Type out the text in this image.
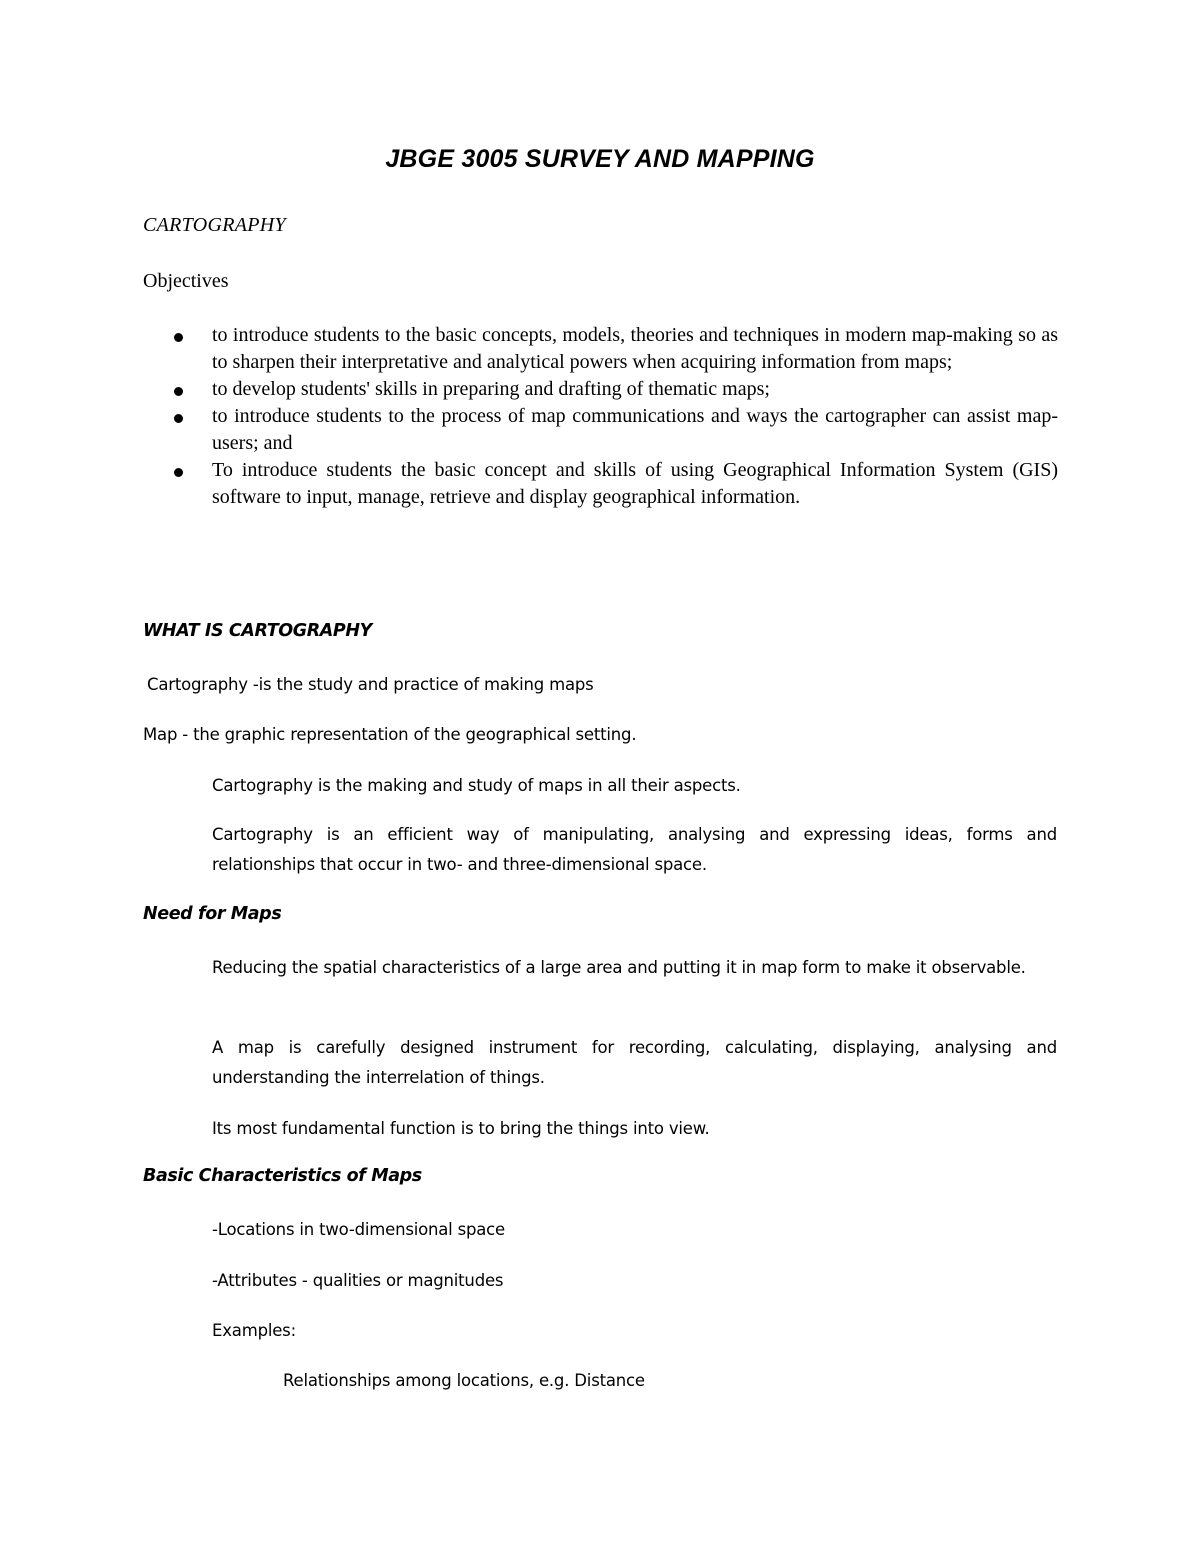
JBGE 3005 SURVEY AND MAPPING
CARTOGRAPHY
Objectives
to introduce students to the basic concepts, models, theories and techniques in modern map-making so as to sharpen their interpretative and analytical powers when acquiring information from maps;
to develop students' skills in preparing and drafting of thematic maps;
to introduce students to the process of map communications and ways the cartographer can assist map-users; and
To introduce students the basic concept and skills of using Geographical Information System (GIS) software to input, manage, retrieve and display geographical information.
WHAT IS CARTOGRAPHY
Cartography -is the study and practice of making maps
Map - the graphic representation of the geographical setting.
Cartography is the making and study of maps in all their aspects.
Cartography is an efficient way of manipulating, analysing and expressing ideas, forms and relationships that occur in two- and three-dimensional space.
Need for Maps
Reducing the spatial characteristics of a large area and putting it in map form to make it observable.
A map is carefully designed instrument for recording, calculating, displaying, analysing and understanding the interrelation of things.
Its most fundamental function is to bring the things into view.
Basic Characteristics of Maps
-Locations in two-dimensional space
-Attributes - qualities or magnitudes
Examples:
Relationships among locations, e.g. Distance
